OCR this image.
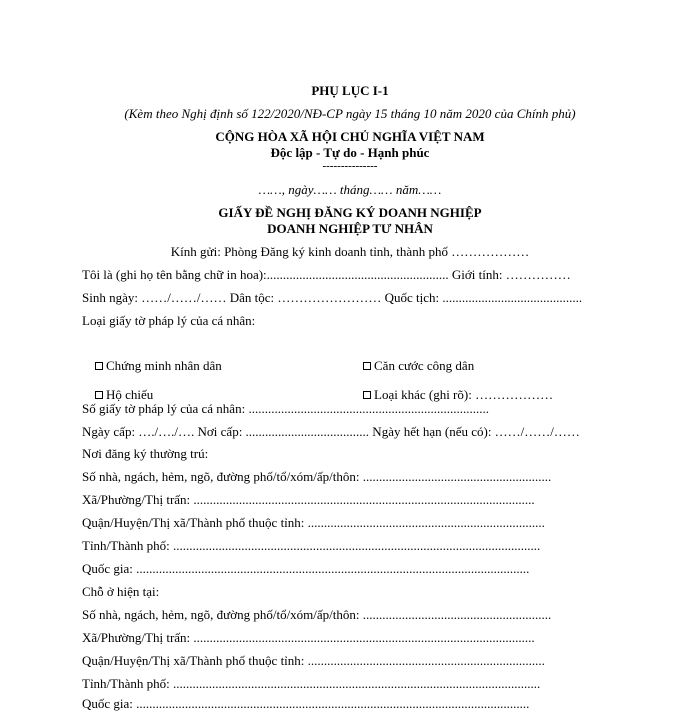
PHỤ LỤC I-1
(Kèm theo Nghị định số 122/2020/NĐ-CP ngày 15 tháng 10 năm 2020 của Chính phủ)
CỘNG HÒA XÃ HỘI CHỦ NGHĨA VIỆT NAM
Độc lập - Tự do - Hạnh phúc
---------------
……, ngày…… tháng…… năm……
GIẤY ĐỀ NGHỊ ĐĂNG KÝ DOANH NGHIỆP
DOANH NGHIỆP TƯ NHÂN
Kính gửi: Phòng Đăng ký kinh doanh tỉnh, thành phố ………………
Tôi là (ghi họ tên bằng chữ in hoa):........................................................ Giới tính: ……………
Sinh ngày: ……/……/…… Dân tộc: …………………… Quốc tịch: ...........................................
Loại giấy tờ pháp lý của cá nhân:

Chứng minh nhân dân
	Căn cước công dân

Hộ chiếu
	Loại khác (ghi rõ): ………………

Số giấy tờ pháp lý của cá nhân: ..........................................................................
Ngày cấp: …./…./…. Nơi cấp: ...................................... Ngày hết hạn (nếu có): ……/……/……
Nơi đăng ký thường trú:
Số nhà, ngách, hẻm, ngõ, đường phố/tổ/xóm/ấp/thôn: ..........................................................
Xã/Phường/Thị trấn: .........................................................................................................
Quận/Huyện/Thị xã/Thành phố thuộc tỉnh: .........................................................................
Tỉnh/Thành phố: .................................................................................................................
Quốc gia: .........................................................................................................................
Chỗ ở hiện tại:
Số nhà, ngách, hẻm, ngõ, đường phố/tổ/xóm/ấp/thôn: ..........................................................
Xã/Phường/Thị trấn: .........................................................................................................
Quận/Huyện/Thị xã/Thành phố thuộc tỉnh: .........................................................................
Tỉnh/Thành phố: .................................................................................................................
Quốc gia: .........................................................................................................................
